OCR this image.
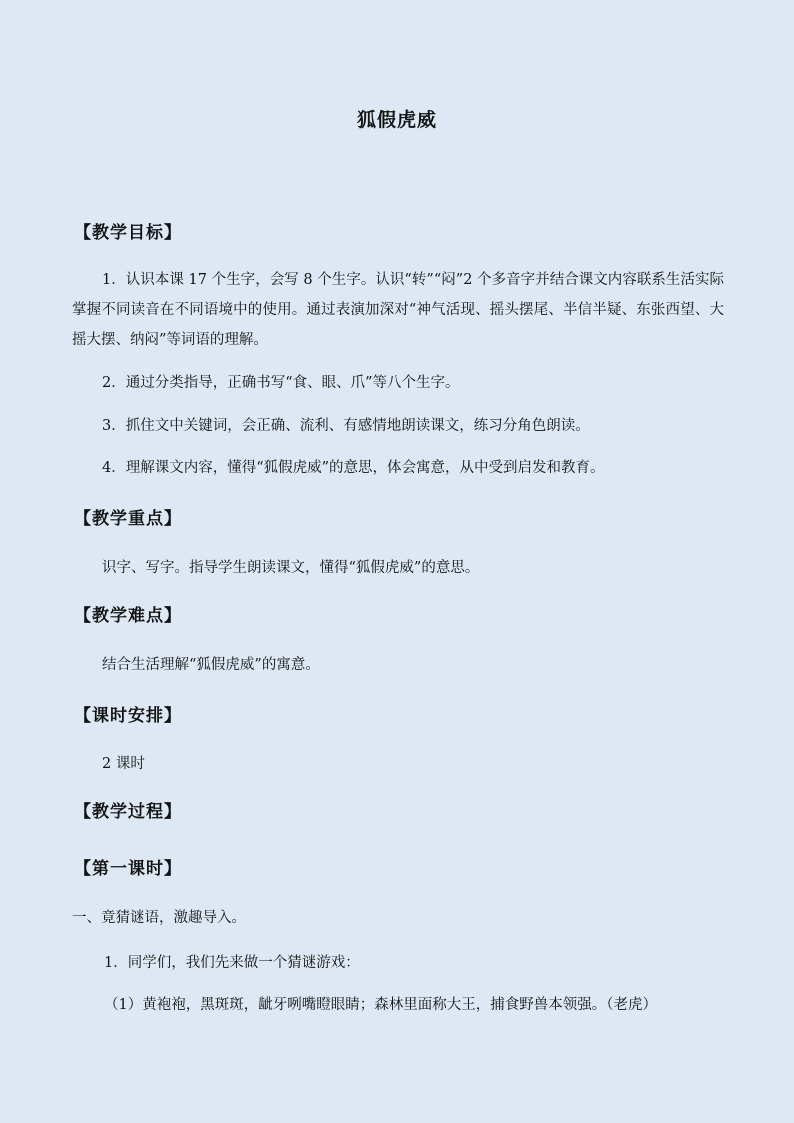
狐假虎威
【教学目标】
1．认识本课 17 个生字，会写 8 个生字。认识“转”“闷”2 个多音字并结合课文内容联系生活实际掌握不同读音在不同语境中的使用。通过表演加深对“神气活现、摇头摆尾、半信半疑、东张西望、大摇大摆、纳闷”等词语的理解。
2．通过分类指导，正确书写“食、眼、爪”等八个生字。
3．抓住文中关键词，会正确、流利、有感情地朗读课文，练习分角色朗读。
4．理解课文内容，懂得“狐假虎威”的意思，体会寓意，从中受到启发和教育。
【教学重点】
识字、写字。指导学生朗读课文，懂得“狐假虎威”的意思。
【教学难点】
结合生活理解“狐假虎威”的寓意。
【课时安排】
2 课时
【教学过程】
【第一课时】
一、竟猜谜语，激趣导入。
1．同学们，我们先来做一个猜谜游戏：
（1）黄袍袍，黑斑斑，龇牙咧嘴瞪眼睛；森林里面称大王，捕食野兽本领强。（老虎）
